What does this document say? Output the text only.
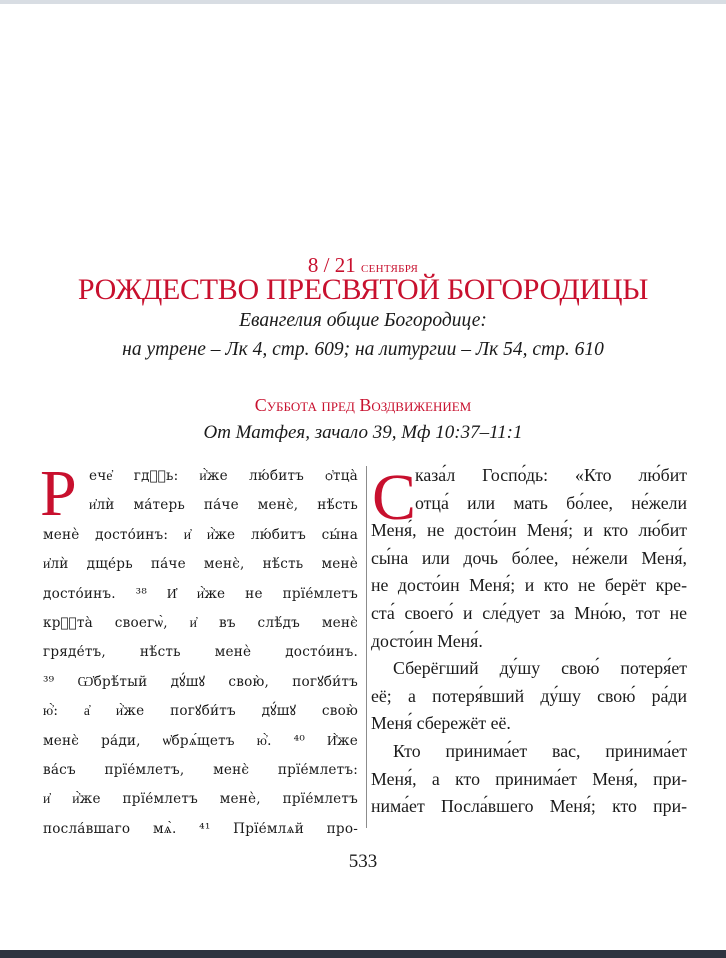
8 / 21 сентября
РОЖДЕСТВО ПРЕСВЯТОЙ БОГОРОДИЦЫ
Евангелия общие Богородице:
на утрене – Лк 4, стр. 609; на литургии – Лк 54, стр. 610
Суббота пред Воздвижением
От Матфея, зачало 39, Мф 10:37–11:1
Р ече҆ гдⷭ҇ь: и҆̀же лю́битъ ѻ҆тца̀
и҆лѝ ма́терь па́че менє̀, нѣ́сть
менѐ досто́инъ: и҆ и҆̀же лю́битъ сы́на
и҆лѝ дще́рь па́че менє̀, нѣ́сть менѐ
досто́инъ. ³⁸ И҆ и҆̀же не прїе́млетъ
крⷭ҇та̀ своегѡ̀, и҆ въ слѣ́дъ менє̀
гряде́тъ, нѣ́сть менѐ досто́инъ.
³⁹ Ѡ҆брѣ́тый дꙋ́шꙋ свою̀, погꙋби́тъ
ю҆̀: а҆ и҆̀же погꙋби́тъ дꙋ́шꙋ свою̀
менє̀ ра́ди, ѡ҆брѧ́щетъ ю҆̀. ⁴⁰ И҆̀же
ва́съ прїе́млетъ, менє̀ прїе́млетъ:
и҆ и҆̀же прїе́млетъ менѐ, прїе́млетъ
посла́вшаго мѧ̀. ⁴¹ Прїе́млѧй про-
С
каза́л Госпо́дь: «Кто лю́бит
отца́ или мать бо́лее, не́жели
Меня́, не досто́ин Меня́; и кто лю́бит
сы́на или дочь бо́лее, не́жели Меня́,
не досто́ин Меня́; и кто не берёт кре-
ста́ своего́ и сле́дует за Мно́ю, тот не
досто́ин Меня́.
Сберёгший ду́шу свою́ потеря́ет
её; а потеря́вший ду́шу свою́ ра́ди
Меня́ сбережёт её.
Кто принима́ет вас, принима́ет
Меня́, а кто принима́ет Меня́, при-
нима́ет Посла́вшего Меня́; кто при-
533
